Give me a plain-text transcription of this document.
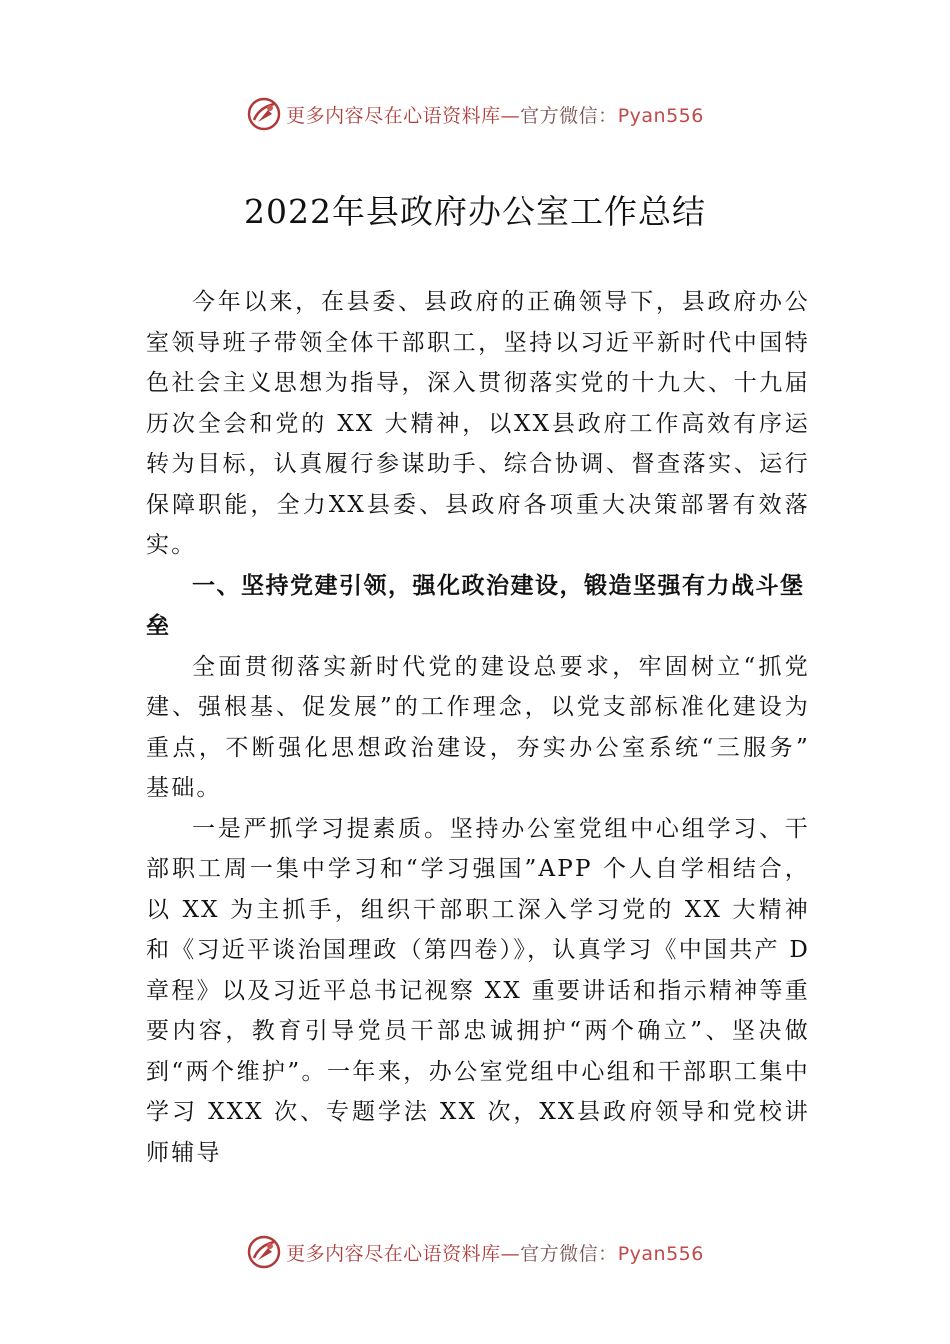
更多内容尽在心语资料库—官方微信：Pyan556
2022年县政府办公室工作总结

今年以来，在县委、县政府的正确领导下，县政府办公室领导班子带领全体干部职工，坚持以习近平新时代中国特色社会主义思想为指导，深入贯彻落实党的十九大、十九届历次全会和党的 XX 大精神，以XX县政府工作高效有序运转为目标，认真履行参谋助手、综合协调、督查落实、运行保障职能，全力XX县委、县政府各项重大决策部署有效落实。

一、坚持党建引领，强化政治建设，锻造坚强有力战斗堡垒

全面贯彻落实新时代党的建设总要求，牢固树立“抓党建、强根基、促发展”的工作理念，以党支部标准化建设为重点，不断强化思想政治建设，夯实办公室系统“三服务” 基础。

一是严抓学习提素质。坚持办公室党组中心组学习、干部职工周一集中学习和“学习强国”APP 个人自学相结合，以 XX 为主抓手，组织干部职工深入学习党的 XX 大精神和《习近平谈治国理政（第四卷）》，认真学习《中国共产 D 章程》以及习近平总书记视察 XX 重要讲话和指示精神等重要内容，教育引导党员干部忠诚拥护“两个确立”、坚决做到“两个维护”。一年来，办公室党组中心组和干部职工集中学习 XXX 次、专题学法 XX 次，XX县政府领导和党校讲师辅导

更多内容尽在心语资料库—官方微信：Pyan556
